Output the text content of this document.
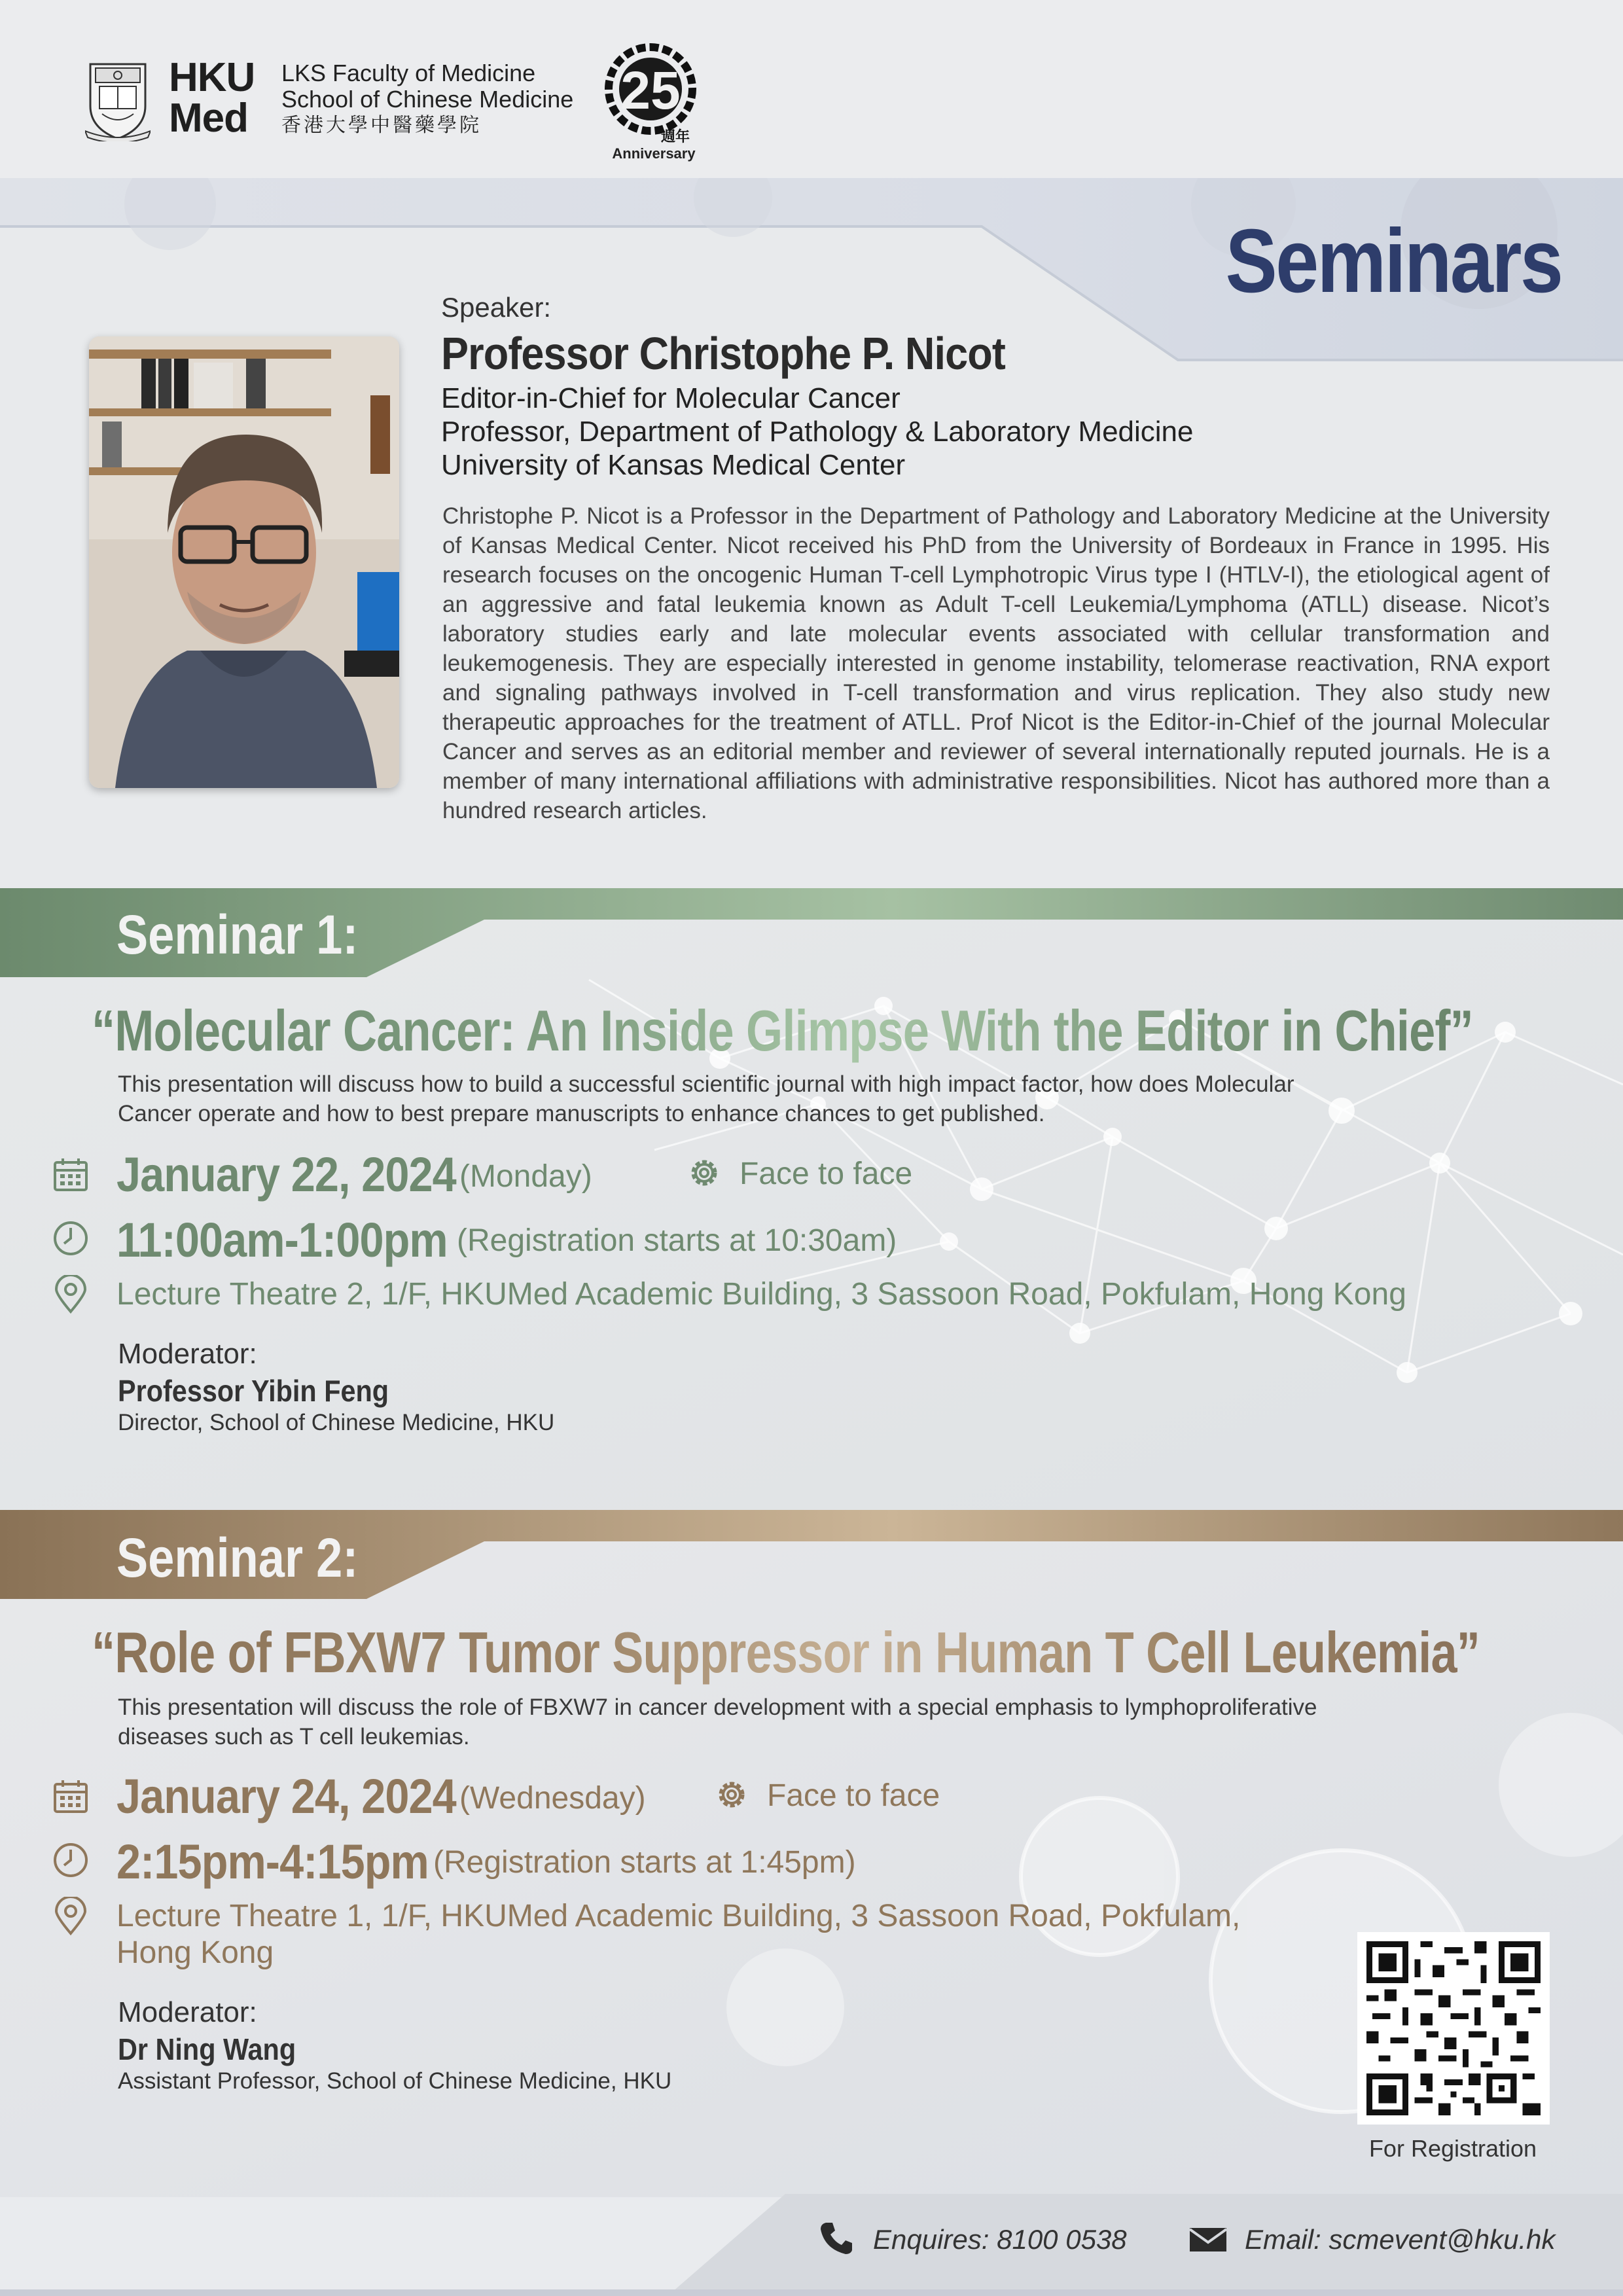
HKU
Med
LKS Faculty of Medicine
School of Chinese Medicine
香港大學中醫藥學院
25
週年
Anniversary
Seminars
Speaker:
Professor Christophe P. Nicot
Editor-in-Chief for Molecular Cancer
Professor, Department of Pathology & Laboratory Medicine
University of Kansas Medical Center
Christophe P. Nicot is a Professor in the Department of Pathology and Laboratory Medicine at the University of Kansas Medical Center. Nicot received his PhD from the University of Bordeaux in France in 1995. His research focuses on the oncogenic Human T-cell Lymphotropic Virus type I (HTLV-I), the etiological agent of an aggressive and fatal leukemia known as Adult T-cell Leukemia/Lymphoma (ATLL) disease. Nicot’s laboratory studies early and late molecular events associated with cellular transformation and leukemogenesis. They are especially interested in genome instability, telomerase reactivation, RNA export and signaling pathways involved in T-cell transformation and virus replication. They also study new therapeutic approaches for the treatment of ATLL. Prof Nicot is the Editor-in-Chief of the journal Molecular Cancer and serves as an editorial member and reviewer of several internationally reputed journals. He is a member of many international affiliations with administrative responsibilities. Nicot has authored more than a hundred research articles.
Seminar 1:
“Molecular Cancer: An Inside Glimpse With the Editor in Chief”
This presentation will discuss how to build a successful scientific journal with high impact factor, how does Molecular Cancer operate and how to best prepare manuscripts to enhance chances to get published.
January 22, 2024 (Monday)	Face to face
11:00am-1:00pm (Registration starts at 10:30am)
Lecture Theatre 2, 1/F, HKUMed Academic Building, 3 Sassoon Road, Pokfulam, Hong Kong
Moderator:
Professor Yibin Feng
Director, School of Chinese Medicine, HKU
Seminar 2:
“Role of FBXW7 Tumor Suppressor in Human T Cell Leukemia”
This presentation will discuss the role of FBXW7 in cancer development with a special emphasis to lymphoproliferative diseases such as T cell leukemias.
January 24, 2024 (Wednesday)	Face to face
2:15pm-4:15pm (Registration starts at 1:45pm)
Lecture Theatre 1, 1/F, HKUMed Academic Building, 3 Sassoon Road, Pokfulam,
Hong Kong
Moderator:
Dr Ning Wang
Assistant Professor, School of Chinese Medicine, HKU
For Registration
Enquires: 8100 0538	Email: scmevent@hku.hk
